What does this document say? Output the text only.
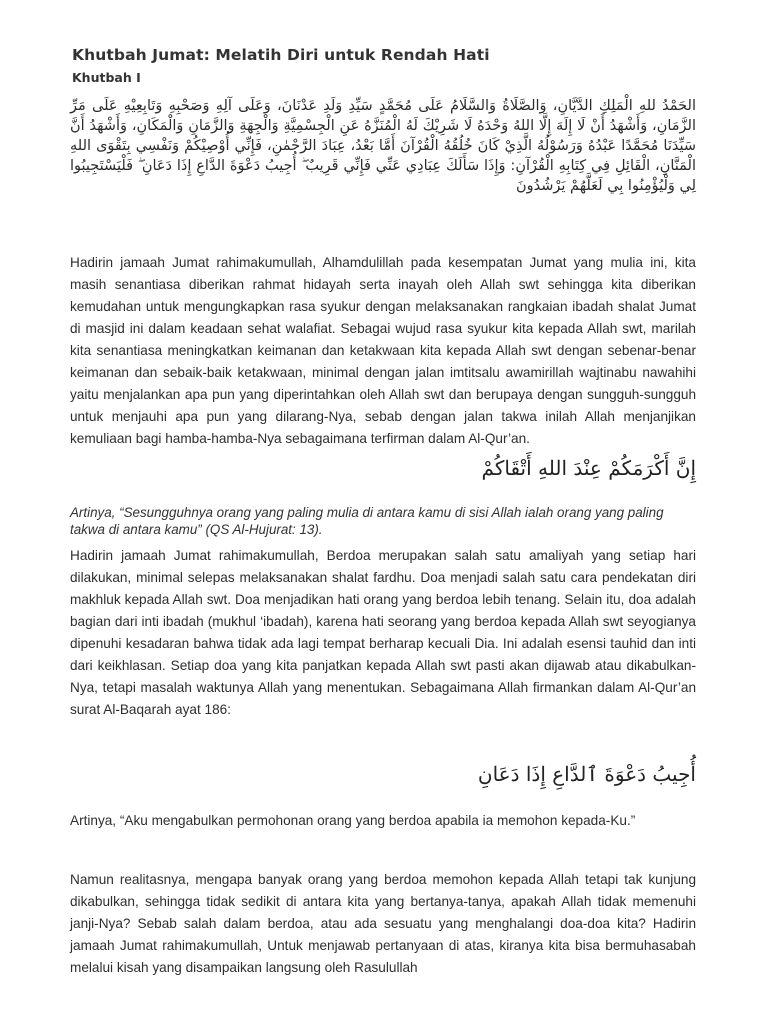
Khutbah Jumat: Melatih Diri untuk Rendah Hati
Khutbah I
الحَمْدُ للهِ الْمَلِكِ الدَّيَّانِ، وَالصَّلَاةُ وَالسَّلَامُ عَلَى مُحَمَّدٍ سَيِّدِ وَلَدِ عَدْنَانَ، وَعَلَى آلِهِ وَصَحْبِهِ وَتَابِعِيْهِ عَلَى مَرِّ الزَّمَانِ، وَأَشْهَدُ أَنْ لَا إِلَهَ إِلَّا اللهُ وَحْدَهُ لَا شَرِيْكَ لَهُ الْمُنَزَّهُ عَنِ الْجِسْمِيَّةِ وَالْجِهَةِ وَالزَّمَانِ وَالْمَكَانِ، وَأَشْهَدُ أَنَّ سَيِّدَنَا مُحَمَّدًا عَبْدُهُ وَرَسُوْلُهُ الَّذِيْ كَانَ خُلُقُهُ الْقُرْآنَ أَمَّا بَعْدُ، عِبَادَ الرَّحْمٰنِ، فَإِنِّي أُوْصِيْكُمْ وَنَفْسِي بِتَقْوَى اللهِ الْمَنَّانِ، الْقَائِلِ فِي كِتَابِهِ الْقُرْآنِ: وَإِذَا سَأَلَكَ عِبَادِي عَنِّي فَإِنِّي قَرِيبٌ ۖ أُجِيبُ دَعْوَةَ الدَّاعِ إِذَا دَعَانِ ۖ فَلْيَسْتَجِيبُوا لِي وَلْيُؤْمِنُوا بِي لَعَلَّهُمْ يَرْشُدُونَ
Hadirin jamaah Jumat rahimakumullah, Alhamdulillah pada kesempatan Jumat yang mulia ini, kita masih senantiasa diberikan rahmat hidayah serta inayah oleh Allah swt sehingga kita diberikan kemudahan untuk mengungkapkan rasa syukur dengan melaksanakan rangkaian ibadah shalat Jumat di masjid ini dalam keadaan sehat walafiat. Sebagai wujud rasa syukur kita kepada Allah swt, marilah kita senantiasa meningkatkan keimanan dan ketakwaan kita kepada Allah swt dengan sebenar-benar keimanan dan sebaik-baik ketakwaan, minimal dengan jalan imtitsalu awamirillah wajtinabu nawahihi yaitu menjalankan apa pun yang diperintahkan oleh Allah swt dan berupaya dengan sungguh-sungguh untuk menjauhi apa pun yang dilarang-Nya, sebab dengan jalan takwa inilah Allah menjanjikan kemuliaan bagi hamba-hamba-Nya sebagaimana terfirman dalam Al-Qur’an.
إِنَّ أَكْرَمَكُمْ عِنْدَ اللهِ أَتْقَاكُمْ
Artinya, “Sesungguhnya orang yang paling mulia di antara kamu di sisi Allah ialah orang yang paling takwa di antara kamu” (QS Al-Hujurat: 13).
Hadirin jamaah Jumat rahimakumullah, Berdoa merupakan salah satu amaliyah yang setiap hari dilakukan, minimal selepas melaksanakan shalat fardhu. Doa menjadi salah satu cara pendekatan diri makhluk kepada Allah swt. Doa menjadikan hati orang yang berdoa lebih tenang. Selain itu, doa adalah bagian dari inti ibadah (mukhul ‘ibadah), karena hati seorang yang berdoa kepada Allah swt seyogianya dipenuhi kesadaran bahwa tidak ada lagi tempat berharap kecuali Dia. Ini adalah esensi tauhid dan inti dari keikhlasan. Setiap doa yang kita panjatkan kepada Allah swt pasti akan dijawab atau dikabulkan-Nya, tetapi masalah waktunya Allah yang menentukan. Sebagaimana Allah firmankan dalam Al-Qur’an surat Al-Baqarah ayat 186:
أُجِيبُ دَعْوَةَ ٱلدَّاعِ إِذَا دَعَانِ
Artinya, “Aku mengabulkan permohonan orang yang berdoa apabila ia memohon kepada-Ku.”
Namun realitasnya, mengapa banyak orang yang berdoa memohon kepada Allah tetapi tak kunjung dikabulkan, sehingga tidak sedikit di antara kita yang bertanya-tanya, apakah Allah tidak memenuhi janji-Nya? Sebab salah dalam berdoa, atau ada sesuatu yang menghalangi doa-doa kita? Hadirin jamaah Jumat rahimakumullah, Untuk menjawab pertanyaan di atas, kiranya kita bisa bermuhasabah melalui kisah yang disampaikan langsung oleh Rasulullah
